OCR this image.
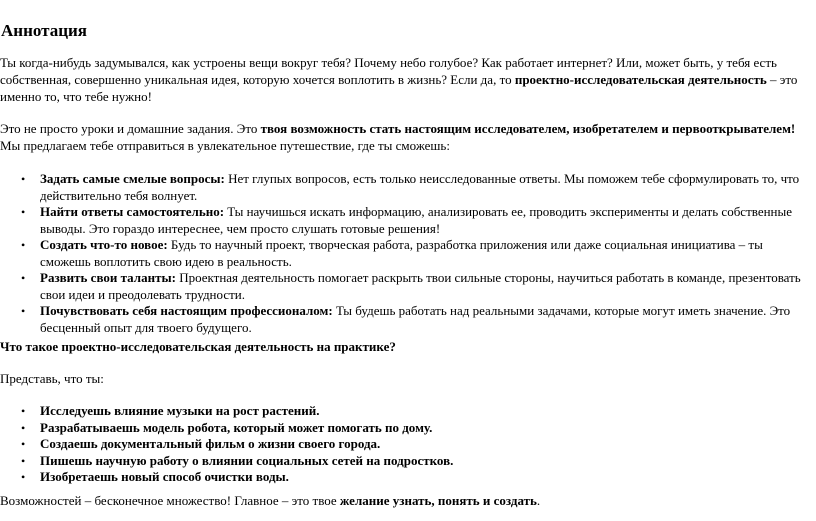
Аннотация

Ты когда-нибудь задумывался, как устроены вещи вокруг тебя? Почему небо голубое? Как работает интернет? Или, может быть, у тебя есть собственная, совершенно уникальная идея, которую хочется воплотить в жизнь? Если да, то проектно-исследовательская деятельность – это именно то, что тебе нужно!

Это не просто уроки и домашние задания. Это твоя возможность стать настоящим исследователем, изобретателем и первооткрывателем! Мы предлагаем тебе отправиться в увлекательное путешествие, где ты сможешь:

• Задать самые смелые вопросы: Нет глупых вопросов, есть только неисследованные ответы. Мы поможем тебе сформулировать то, что действительно тебя волнует.
• Найти ответы самостоятельно: Ты научишься искать информацию, анализировать ее, проводить эксперименты и делать собственные выводы. Это гораздо интереснее, чем просто слушать готовые решения!
• Создать что-то новое: Будь то научный проект, творческая работа, разработка приложения или даже социальная инициатива – ты сможешь воплотить свою идею в реальность.
• Развить свои таланты: Проектная деятельность помогает раскрыть твои сильные стороны, научиться работать в команде, презентовать свои идеи и преодолевать трудности.
• Почувствовать себя настоящим профессионалом: Ты будешь работать над реальными задачами, которые могут иметь значение. Это бесценный опыт для твоего будущего.

Что такое проектно-исследовательская деятельность на практике?

Представь, что ты:

• Исследуешь влияние музыки на рост растений.
• Разрабатываешь модель робота, который может помогать по дому.
• Создаешь документальный фильм о жизни своего города.
• Пишешь научную работу о влиянии социальных сетей на подростков.
• Изобретаешь новый способ очистки воды.

Возможностей – бесконечное множество! Главное – это твое желание узнать, понять и создать.
